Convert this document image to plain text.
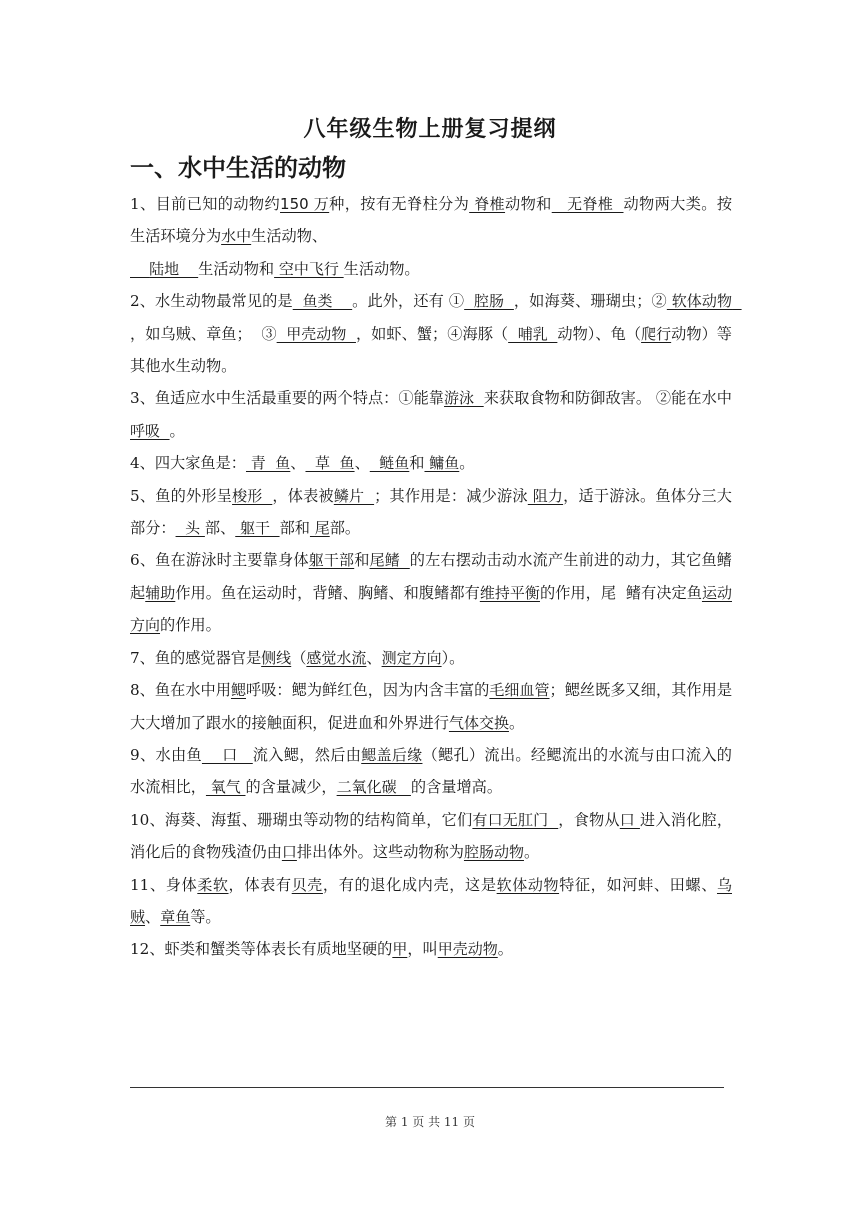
八年级生物上册复习提纲
一、水中生活的动物

1、目前已知的动物约150 万种，按有无脊柱分为 脊椎动物和   无脊椎  动物两大类。按生活环境分为水中生活动物、

陆地    生活动物和 空中飞行 生活动物。

2、水生动物最常见的是  鱼类    。此外，还有 ①  腔肠  ，如海葵、珊瑚虫；② 软体动物  ，如乌贼、章鱼；  ③  甲壳动物  ，如虾、蟹；④海豚（  哺乳  动物）、龟（爬行动物）等其他水生动物。

3、鱼适应水中生活最重要的两个特点：①能靠游泳  来获取食物和防御敌害。 ②能在水中呼吸  。

4、四大家鱼是： 青  鱼、  草  鱼、  鲢鱼和 鳙鱼。

5、鱼的外形呈梭形  ，体表被鳞片  ；其作用是：减少游泳 阻力，适于游泳。鱼体分三大部分：  头 部、 躯干  部和 尾部。

6、鱼在游泳时主要靠身体躯干部和尾鳍  的左右摆动击动水流产生前进的动力，其它鱼鳍起辅助作用。鱼在运动时，背鳍、胸鳍、和腹鳍都有维持平衡的作用，尾  鳍有决定鱼运动方向的作用。

7、鱼的感觉器官是侧线（感觉水流、测定方向）。

8、鱼在水中用鳃呼吸：鳃为鲜红色，因为内含丰富的毛细血管；鳃丝既多又细，其作用是大大增加了跟水的接触面积，促进血和外界进行气体交换。

9、水由鱼    口   流入鳃，然后由鳃盖后缘（鳃孔）流出。经鳃流出的水流与由口流入的水流相比， 氧气 的含量减少，二氧化碳   的含量增高。

10、海葵、海蜇、珊瑚虫等动物的结构简单，它们有口无肛门  ，食物从口 进入消化腔，消化后的食物残渣仍由口排出体外。这些动物称为腔肠动物。

11、身体柔软，体表有贝壳，有的退化成内壳，这是软体动物特征，如河蚌、田螺、乌贼、章鱼等。

12、虾类和蟹类等体表长有质地坚硬的甲，叫甲壳动物。

第 1 页 共 11 页
